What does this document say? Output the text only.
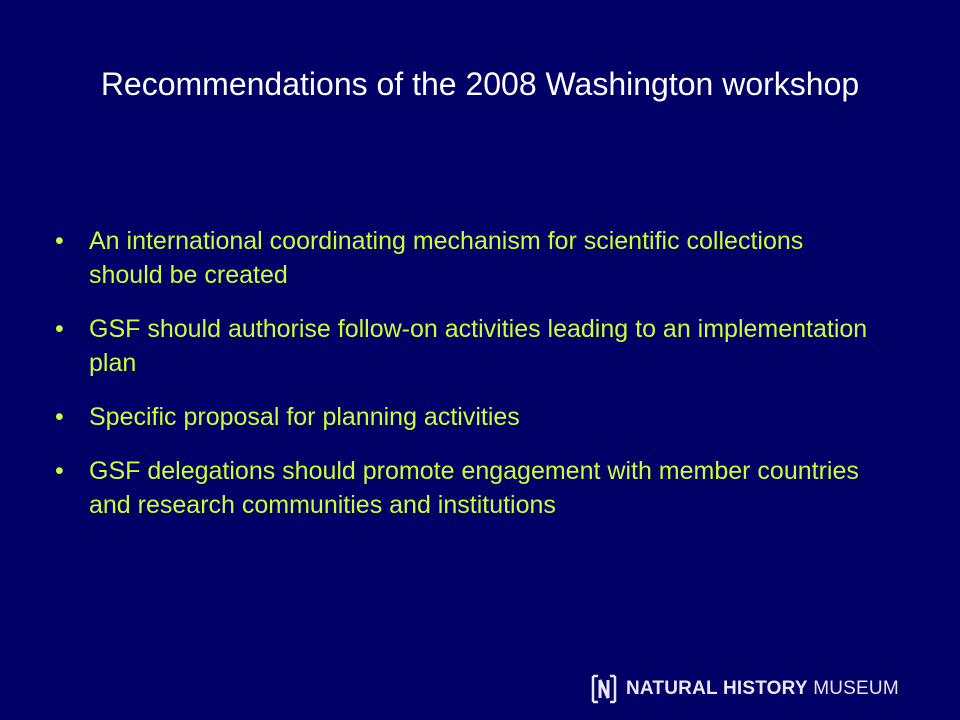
Recommendations of the 2008 Washington workshop
•	An international coordinating mechanism for scientific collections should be created
•	GSF should authorise follow-on activities leading to an implementation plan
•	Specific proposal for planning activities
•	GSF delegations should promote engagement with member countries and research communities and institutions
NATURAL HISTORY MUSEUM
